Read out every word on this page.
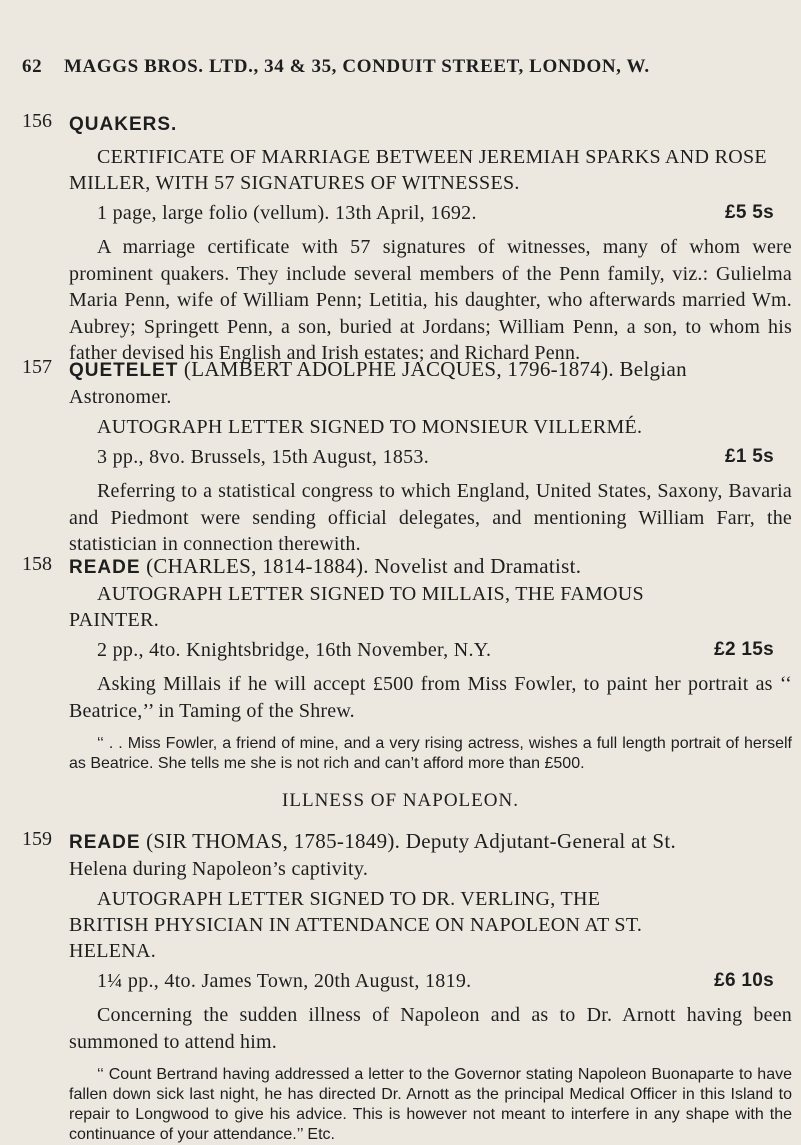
62 MAGGS BROS. LTD., 34 & 35, CONDUIT STREET, LONDON, W.
156 QUAKERS.
CERTIFICATE OF MARRIAGE BETWEEN JEREMIAH SPARKS AND ROSE MILLER, WITH 57 SIGNATURES OF WITNESSES.
1 page, large folio (vellum). 13th April, 1692.	£5 5s
A marriage certificate with 57 signatures of witnesses, many of whom were prominent quakers. They include several members of the Penn family, viz.: Gulielma Maria Penn, wife of William Penn; Letitia, his daughter, who afterwards married Wm. Aubrey; Springett Penn, a son, buried at Jordans; William Penn, a son, to whom his father devised his English and Irish estates; and Richard Penn.
157 QUETELET (LAMBERT ADOLPHE JACQUES, 1796-1874). Belgian
Astronomer.
AUTOGRAPH LETTER SIGNED TO MONSIEUR VILLERMÉ.
3 pp., 8vo. Brussels, 15th August, 1853.	£1 5s
Referring to a statistical congress to which England, United States, Saxony, Bavaria and Piedmont were sending official delegates, and mentioning William Farr, the statistician in connection therewith.
158 READE (CHARLES, 1814-1884). Novelist and Dramatist.
AUTOGRAPH LETTER SIGNED TO MILLAIS, THE FAMOUS
PAINTER.
2 pp., 4to. Knightsbridge, 16th November, N.Y.	£2 15s
Asking Millais if he will accept £500 from Miss Fowler, to paint her portrait as ‘‘ Beatrice,’’ in Taming of the Shrew.
‘‘ . . Miss Fowler, a friend of mine, and a very rising actress, wishes a full length portrait of herself as Beatrice. She tells me she is not rich and can’t afford more than £500.
ILLNESS OF NAPOLEON.
159 READE (SIR THOMAS, 1785-1849). Deputy Adjutant-General at St.
Helena during Napoleon’s captivity.
AUTOGRAPH LETTER SIGNED TO DR. VERLING, THE
BRITISH PHYSICIAN IN ATTENDANCE ON NAPOLEON AT ST.
HELENA.
1¼ pp., 4to. James Town, 20th August, 1819.	£6 10s
Concerning the sudden illness of Napoleon and as to Dr. Arnott having been summoned to attend him.
‘‘ Count Bertrand having addressed a letter to the Governor stating Napoleon Buonaparte to have fallen down sick last night, he has directed Dr. Arnott as the principal Medical Officer in this Island to repair to Longwood to give his advice. This is however not meant to interfere in any shape with the continuance of your attendance.’’ Etc.
